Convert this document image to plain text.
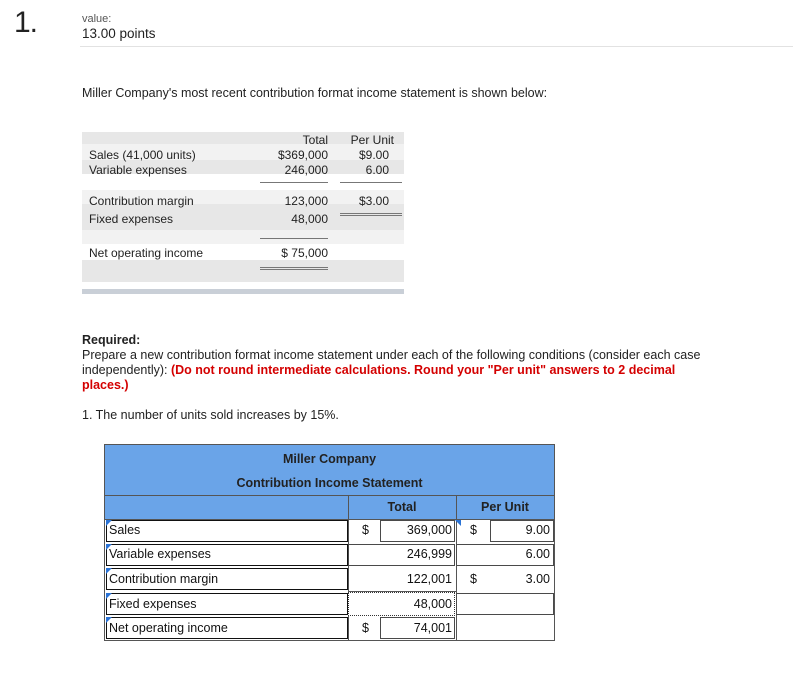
1.	value:
13.00 points
Miller Company's most recent contribution format income statement is shown below:
Total	Per Unit
Sales (41,000 units)	$369,000	$9.00
Variable expenses	246,000	6.00
Contribution margin	123,000	$3.00
Fixed expenses	48,000
Net operating income	$ 75,000
Required:
Prepare a new contribution format income statement under each of the following conditions (consider each case independently): (Do not round intermediate calculations. Round your "Per unit" answers to 2 decimal places.)
1. The number of units sold increases by 15%.
Miller Company
Contribution Income Statement
Total	Per Unit
Sales	$	369,000 $	9.00
Variable expenses	246,999	6.00
Contribution margin	122,001 $	3.00
Fixed expenses	48,000
Net operating income	$	74,001
